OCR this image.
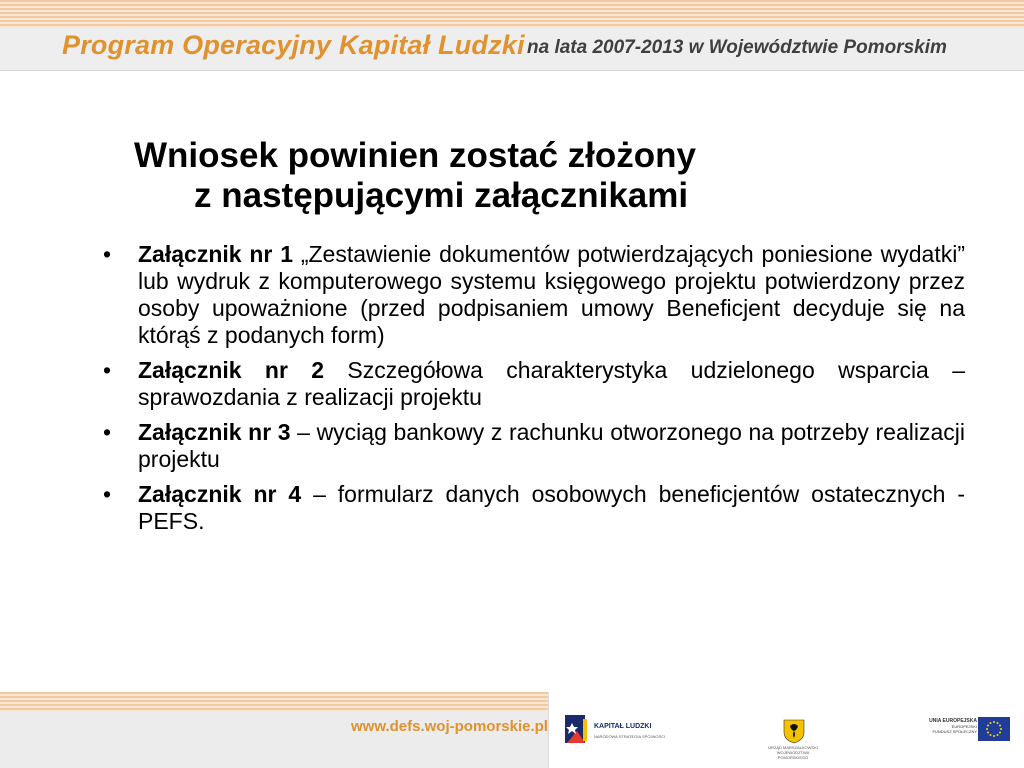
Program Operacyjny Kapitał Ludzki na lata 2007-2013 w Województwie Pomorskim
Wniosek powinien zostać złożony
z następującymi załącznikami
• Załącznik nr 1 „Zestawienie dokumentów potwierdzających poniesione wydatki” lub wydruk z komputerowego systemu księgowego projektu potwierdzony przez osoby upoważnione (przed podpisaniem umowy Beneficjent decyduje się na którąś z podanych form)
• Załącznik nr 2 Szczegółowa charakterystyka udzielonego wsparcia – sprawozdania z realizacji projektu
• Załącznik nr 3 – wyciąg bankowy z rachunku otworzonego na potrzeby realizacji projektu
• Załącznik nr 4 – formularz danych osobowych beneficjentów ostatecznych - PEFS.
www.defs.woj-pomorskie.pl	KAPITAŁ LUDZKI
NARODOWA STRATEGIA SPÓJNOŚCI
URZĄD MARSZAŁKOWSKI WOJEWÓDZTWA POMORSKIEGO
UNIA EUROPEJSKA
EUROPEJSKI
FUNDUSZ SPOŁECZNY
